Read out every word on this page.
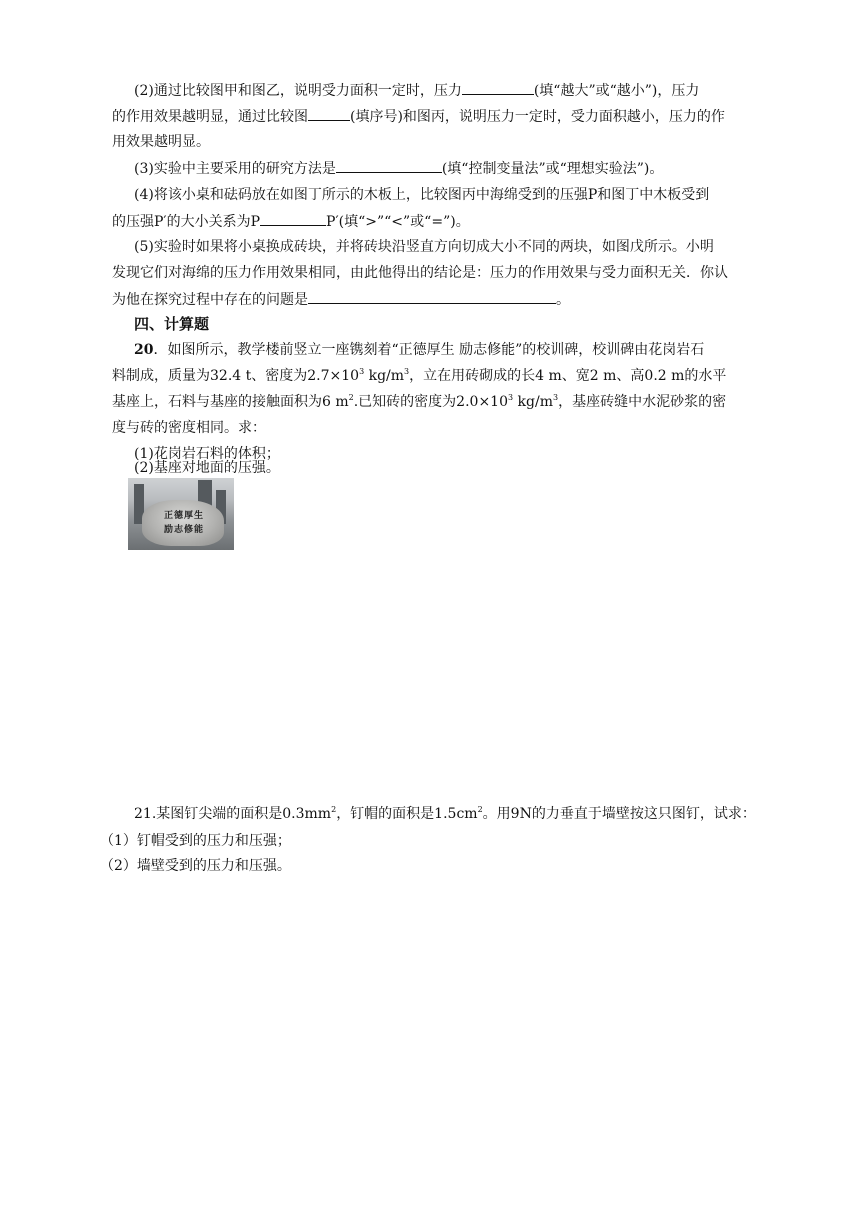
(2)通过比较图甲和图乙，说明受力面积一定时，压力	(填“越大”或“越小”)，压力
的作用效果越明显，通过比较图	(填序号)和图丙，说明压力一定时，受力面积越小，压力的作
用效果越明显。
(3)实验中主要采用的研究方法是	(填“控制变量法”或“理想实验法”)。
(4)将该小桌和砝码放在如图丁所示的木板上，比较图丙中海绵受到的压强P和图丁中木板受到
的压强P′的大小关系为P	P′(填“>”“<”或“=”)。
(5)实验时如果将小桌换成砖块，并将砖块沿竖直方向切成大小不同的两块，如图戊所示。小明
发现它们对海绵的压力作用效果相同，由此他得出的结论是：压力的作用效果与受力面积无关．你认
为他在探究过程中存在的问题是	。
四、计算题
20．如图所示，教学楼前竖立一座镌刻着“正德厚生 励志修能”的校训碑，校训碑由花岗岩石
料制成，质量为32.4 t、密度为$2.7\times 10^3$ $kg/m^3$，立在用砖砌成的长4 m、宽2 m、高0.2 m的水平
基座上，石料与基座的接触面积为6 $m^2$.已知砖的密度为$2.0\times 10^3$ $kg/m^3$，基座砖缝中水泥砂浆的密
度与砖的密度相同。求：
(1)花岗岩石料的体积；
(2)基座对地面的压强。
正德厚生
励志修能
21.某图钉尖端的面积是$0.3mm^2$，钉帽的面积是$1.5cm^2$。用9N的力垂直于墙壁按这只图钉，试求：
（1）钉帽受到的压力和压强；
（2）墙壁受到的压力和压强。
